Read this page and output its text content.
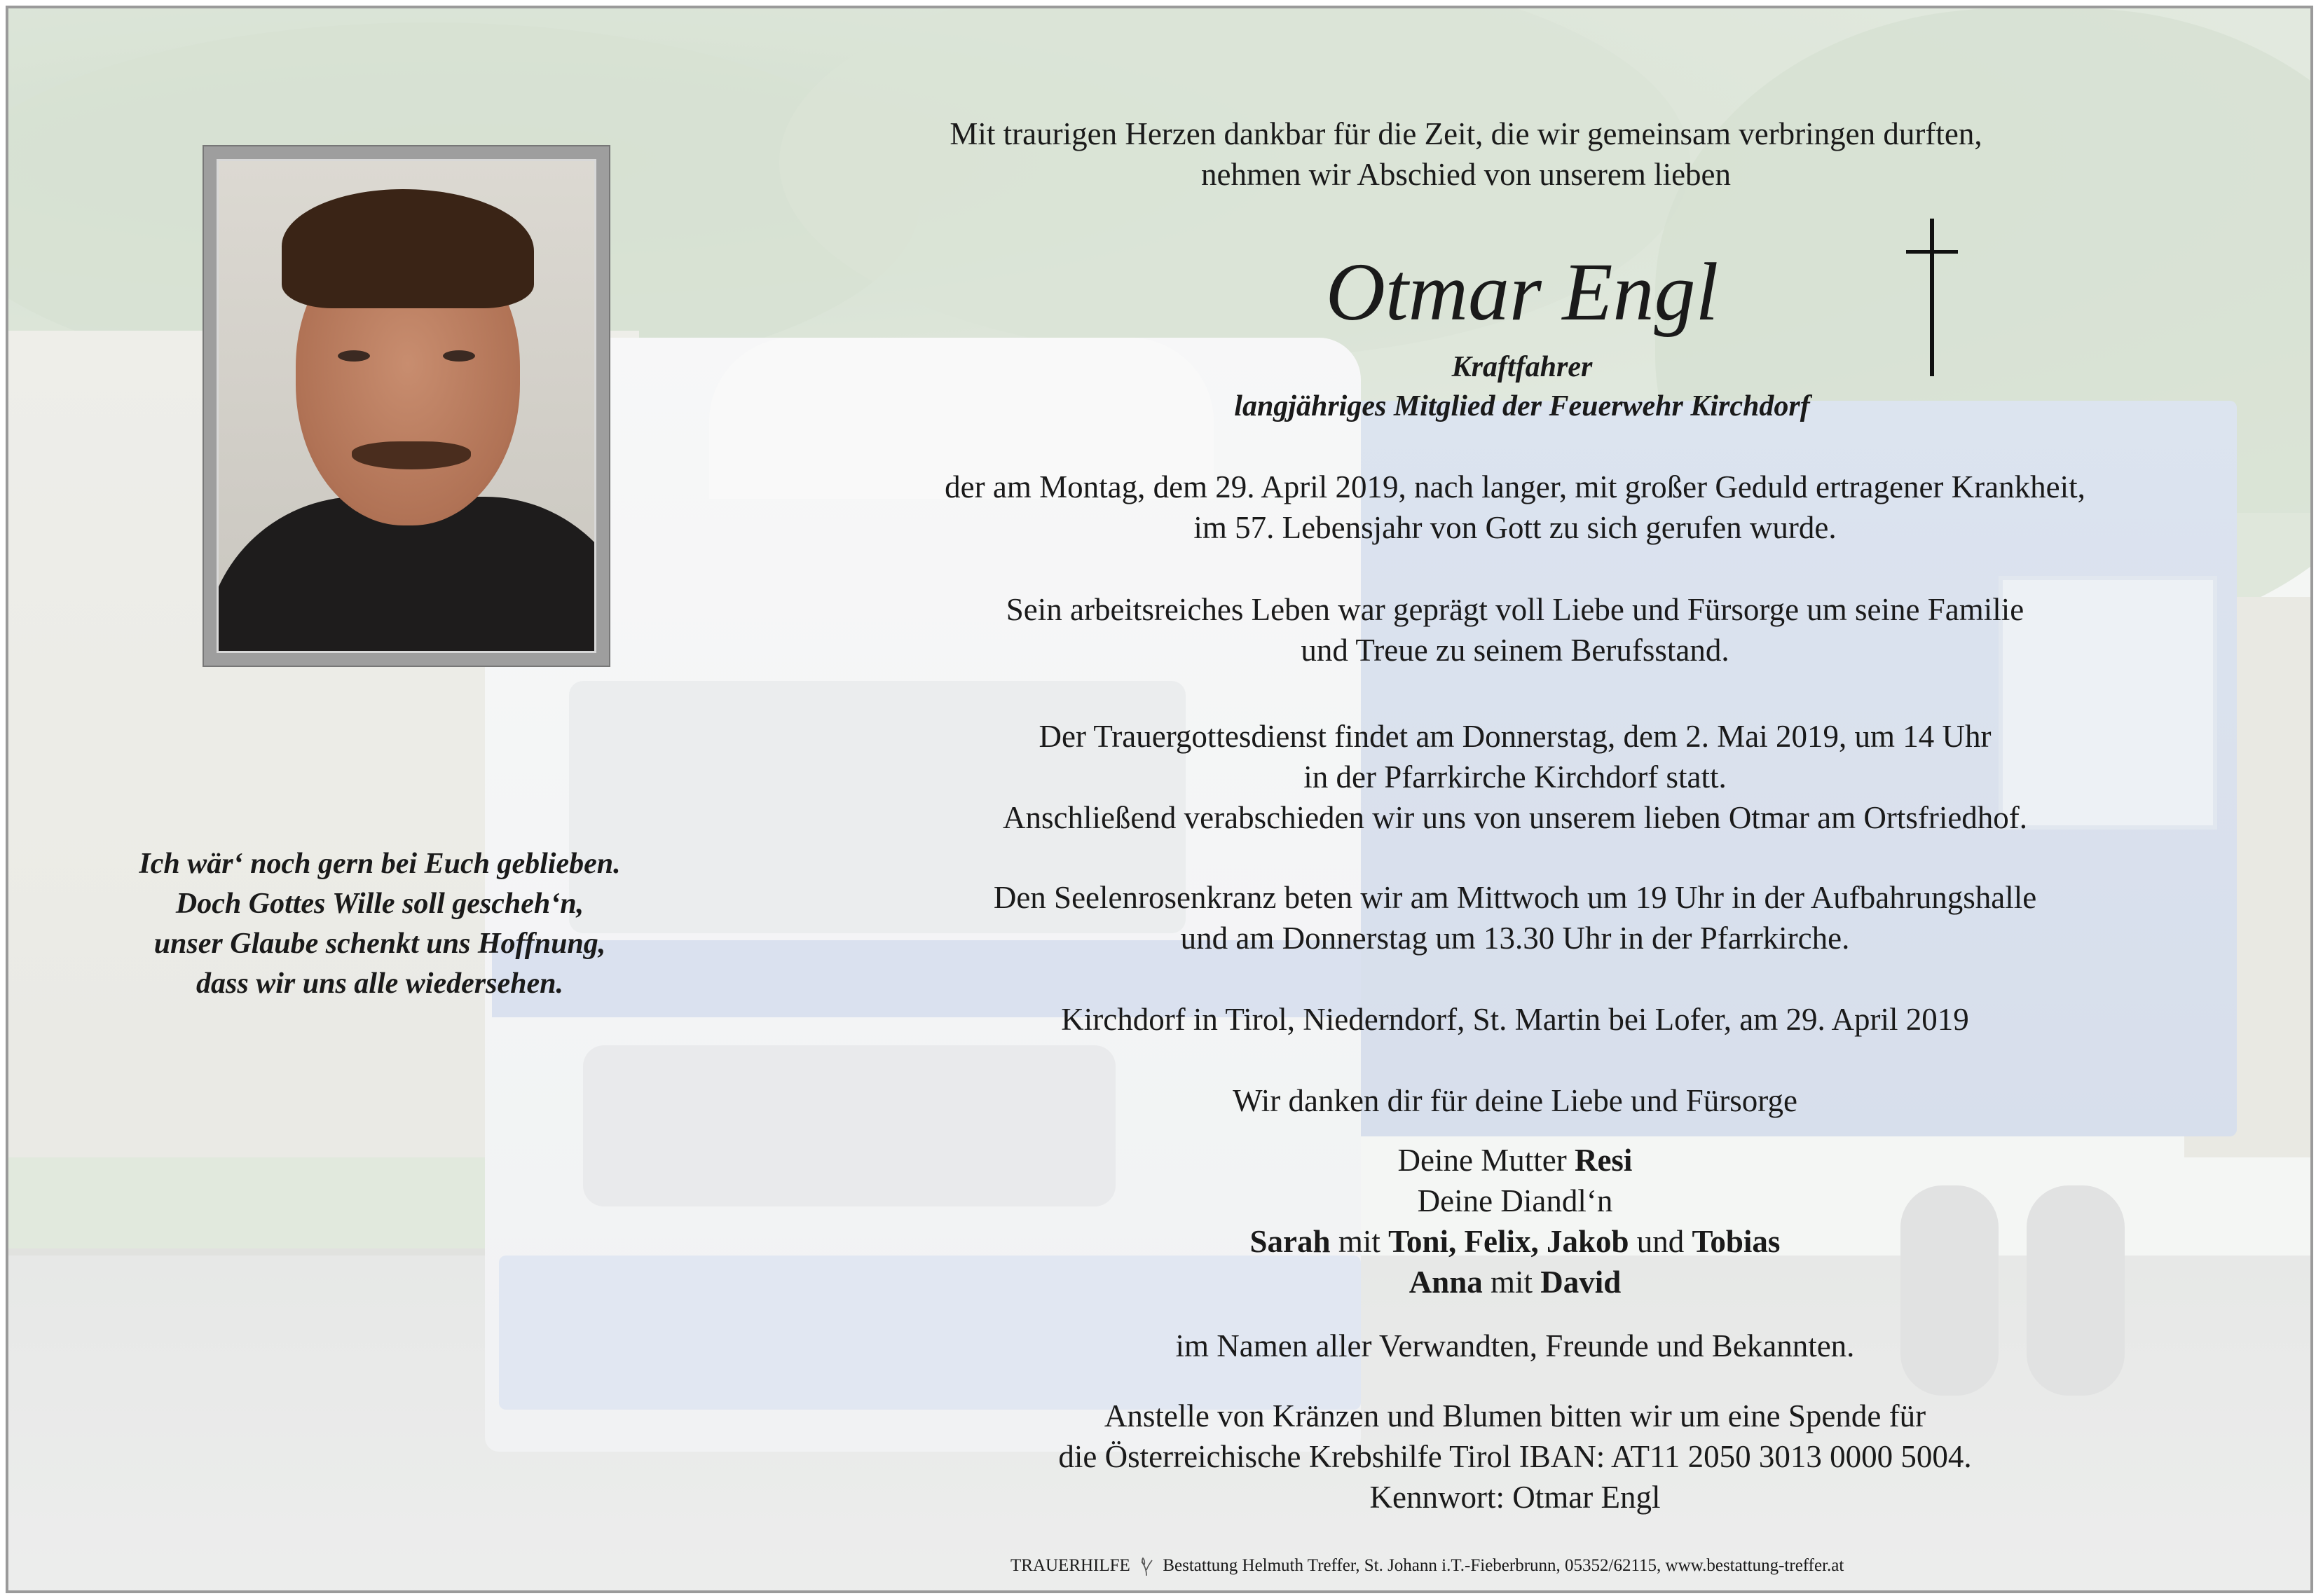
Mit traurigen Herzen dankbar für die Zeit, die wir gemeinsam verbringen durften,
nehmen wir Abschied von unserem lieben
Otmar Engl
Kraftfahrer
langjähriges Mitglied der Feuerwehr Kirchdorf
der am Montag, dem 29. April 2019, nach langer, mit großer Geduld ertragener Krankheit,
im 57. Lebensjahr von Gott zu sich gerufen wurde.
Sein arbeitsreiches Leben war geprägt voll Liebe und Fürsorge um seine Familie
und Treue zu seinem Berufsstand.
Der Trauergottesdienst findet am Donnerstag, dem 2. Mai 2019, um 14 Uhr
in der Pfarrkirche Kirchdorf statt.
Anschließend verabschieden wir uns von unserem lieben Otmar am Ortsfriedhof.
Den Seelenrosenkranz beten wir am Mittwoch um 19 Uhr in der Aufbahrungshalle
und am Donnerstag um 13.30 Uhr in der Pfarrkirche.
Kirchdorf in Tirol, Niederndorf, St. Martin bei Lofer, am 29. April 2019
Wir danken dir für deine Liebe und Fürsorge
Deine Mutter Resi
Deine Diandl‘n
Sarah mit Toni, Felix, Jakob und Tobias
Anna mit David
im Namen aller Verwandten, Freunde und Bekannten.
Anstelle von Kränzen und Blumen bitten wir um eine Spende für
die Österreichische Krebshilfe Tirol IBAN: AT11 2050 3013 0000 5004.
Kennwort: Otmar Engl
Ich wär‘ noch gern bei Euch geblieben.
Doch Gottes Wille soll gescheh‘n,
unser Glaube schenkt uns Hoffnung,
dass wir uns alle wiedersehen.
TRAUERHILFE Bestattung Helmuth Treffer, St. Johann i.T.-Fieberbrunn, 05352/62115, www.bestattung-treffer.at
